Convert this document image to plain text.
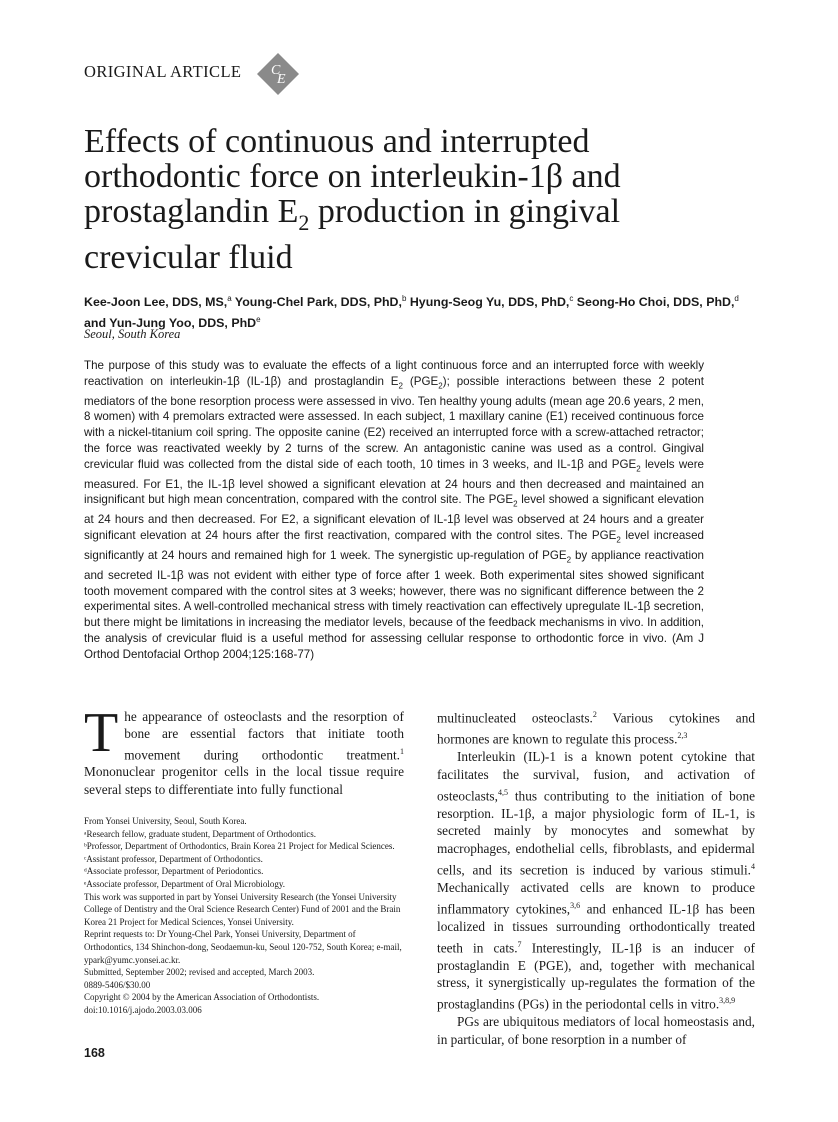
ORIGINAL ARTICLE C
E
Effects of continuous and interrupted
orthodontic force on interleukin-1β and
prostaglandin $E_2$ production in gingival
crevicular fluid
Kee-Joon Lee, DDS, MS,$^a$ Young-Chel Park, DDS, PhD,$^b$ Hyung-Seog Yu, DDS, PhD,$^c$ Seong-Ho Choi, DDS, PhD,$^d$ and Yun-Jung Yoo, DDS, PhD$^e$
Seoul, South Korea
The purpose of this study was to evaluate the effects of a light continuous force and an interrupted force with weekly reactivation on interleukin-1β (IL-1β) and prostaglandin $E_2$ $(PGE_2)$; possible interactions between these 2 potent mediators of the bone resorption process were assessed in vivo. Ten healthy young adults (mean age 20.6 years, 2 men, 8 women) with 4 premolars extracted were assessed. In each subject, 1 maxillary canine (E1) received continuous force with a nickel-titanium coil spring. The opposite canine (E2) received an interrupted force with a screw-attached retractor; the force was reactivated weekly by 2 turns of the screw. An antagonistic canine was used as a control. Gingival crevicular fluid was collected from the distal side of each tooth, 10 times in 3 weeks, and IL-1β and $PGE_2$ levels were measured. For E1, the IL-1β level showed a significant elevation at 24 hours and then decreased and maintained an insignificant but high mean concentration, compared with the control site. The $PGE_2$ level showed a significant elevation at 24 hours and then decreased. For E2, a significant elevation of IL-1β level was observed at 24 hours and a greater significant elevation at 24 hours after the first reactivation, compared with the control sites. The $PGE_2$ level increased significantly at 24 hours and remained high for 1 week. The synergistic up-regulation of $PGE_2$ by appliance reactivation and secreted IL-1β was not evident with either type of force after 1 week. Both experimental sites showed significant tooth movement compared with the control sites at 3 weeks; however, there was no significant difference between the 2 experimental sites. A well-controlled mechanical stress with timely reactivation can effectively upregulate IL-1β secretion, but there might be limitations in increasing the mediator levels, because of the feedback mechanisms in vivo. In addition, the analysis of crevicular fluid is a useful method for assessing cellular response to orthodontic force in vivo. (Am J Orthod Dentofacial Orthop 2004;125:168-77)
The appearance of osteoclasts and the resorption of bone are essential factors that initiate tooth movement during orthodontic treatment.$^1$ Mononuclear progenitor cells in the local tissue require several steps to differentiate into fully functional
From Yonsei University, Seoul, South Korea.
ᵃResearch fellow, graduate student, Department of Orthodontics.
ᵇProfessor, Department of Orthodontics, Brain Korea 21 Project for Medical Sciences.
ᶜAssistant professor, Department of Orthodontics.
ᵈAssociate professor, Department of Periodontics.
ᵉAssociate professor, Department of Oral Microbiology.
This work was supported in part by Yonsei University Research (the Yonsei University College of Dentistry and the Oral Science Research Center) Fund of 2001 and the Brain Korea 21 Project for Medical Sciences, Yonsei University.
Reprint requests to: Dr Young-Chel Park, Yonsei University, Department of Orthodontics, 134 Shinchon-dong, Seodaemun-ku, Seoul 120-752, South Korea; e-mail, ypark@yumc.yonsei.ac.kr.
Submitted, September 2002; revised and accepted, March 2003.
0889-5406/$30.00
Copyright © 2004 by the American Association of Orthodontists.
doi:10.1016/j.ajodo.2003.03.006

multinucleated osteoclasts.$^2$ Various cytokines and hormones are known to regulate this process.$^{2,3}$

Interleukin (IL)-1 is a known potent cytokine that facilitates the survival, fusion, and activation of osteoclasts,$^{4,5}$ thus contributing to the initiation of bone resorption. IL-1β, a major physiologic form of IL-1, is secreted mainly by monocytes and somewhat by macrophages, endothelial cells, fibroblasts, and epidermal cells, and its secretion is induced by various stimuli.$^4$ Mechanically activated cells are known to produce inflammatory cytokines,$^{3,6}$ and enhanced IL-1β has been localized in tissues surrounding orthodontically treated teeth in cats.$^7$ Interestingly, IL-1β is an inducer of prostaglandin E (PGE), and, together with mechanical stress, it synergistically up-regulates the formation of the prostaglandins (PGs) in the periodontal cells in vitro.$^{3,8,9}$

PGs are ubiquitous mediators of local homeostasis and, in particular, of bone resorption in a number of

168
